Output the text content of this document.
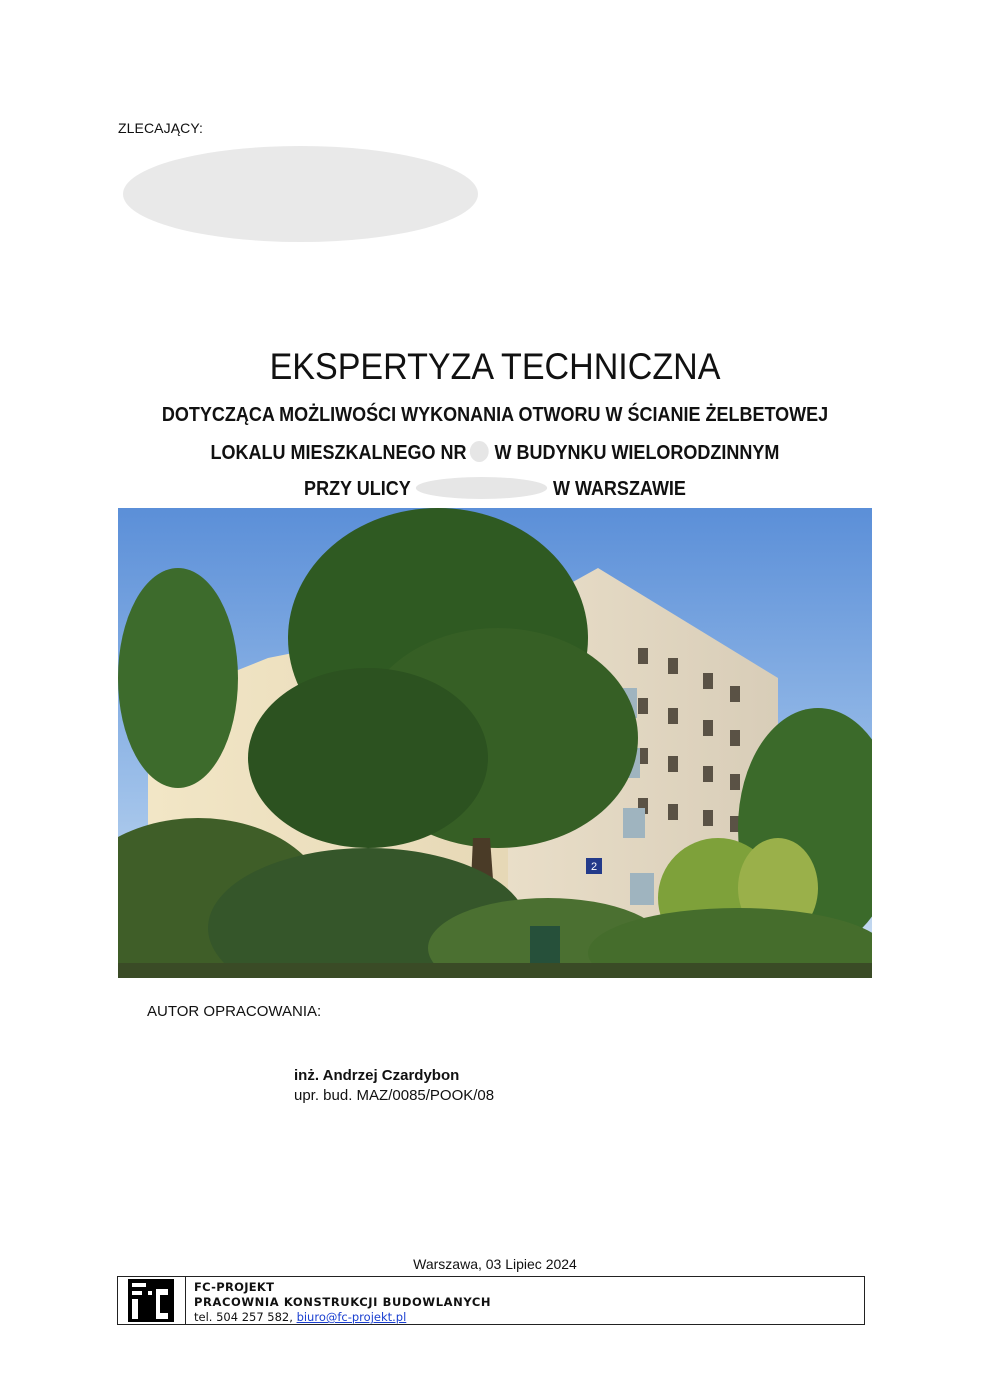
ZLECAJĄCY:
EKSPERTYZA TECHNICZNA
DOTYCZĄCA MOŻLIWOŚCI WYKONANIA OTWORU W ŚCIANIE ŻELBETOWEJ
LOKALU MIESZKALNEGO NR W BUDYNKU WIELORODZINNYM
PRZY ULICY	W WARSZAWIE
2
AUTOR OPRACOWANIA:
inż. Andrzej Czardybon
upr. bud. MAZ/0085/POOK/08
Warszawa, 03 Lipiec 2024
FC-PROJEKT
PRACOWNIA KONSTRUKCJI BUDOWLANYCH
tel. 504 257 582, biuro@fc-projekt.pl
